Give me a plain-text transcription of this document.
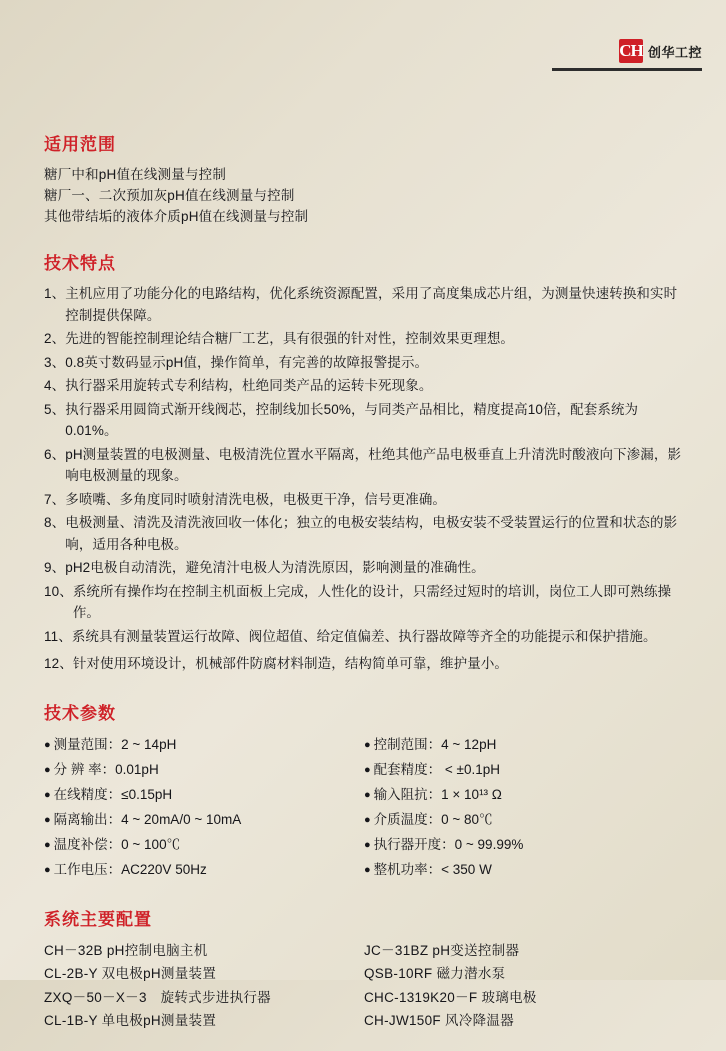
CH 创华工控
适用范围
糖厂中和pH值在线测量与控制
糖厂一、二次预加灰pH值在线测量与控制
其他带结垢的液体介质pH值在线测量与控制
技术特点
1、 主机应用了功能分化的电路结构，优化系统资源配置，采用了高度集成芯片组，为测量快速转换和实时控制提供保障。
2、 先进的智能控制理论结合糖厂工艺，具有很强的针对性，控制效果更理想。
3、 0.8英寸数码显示pH值，操作简单，有完善的故障报警提示。
4、 执行器采用旋转式专利结构，杜绝同类产品的运转卡死现象。
5、 执行器采用圆筒式渐开线阀芯，控制线加长50%，与同类产品相比，精度提高10倍，配套系统为0.01%。
6、 pH测量装置的电极测量、电极清洗位置水平隔离，杜绝其他产品电极垂直上升清洗时酸液向下渗漏，影响电极测量的现象。
7、 多喷嘴、多角度同时喷射清洗电极，电极更干净，信号更准确。
8、 电极测量、清洗及清洗液回收一体化；独立的电极安装结构，电极安装不受装置运行的位置和状态的影响，适用各种电极。
9、 pH2电极自动清洗，避免清汁电极人为清洗原因，影响测量的准确性。
10、 系统所有操作均在控制主机面板上完成，人性化的设计，只需经过短时的培训，岗位工人即可熟练操作。
11、 系统具有测量装置运行故障、阀位超值、给定值偏差、执行器故障等齐全的功能提示和保护措施。
12、 针对使用环境设计，机械部件防腐材料制造，结构简单可靠，维护量小。
技术参数
● 测量范围：2 ~ 14pH
● 分 辨 率：0.01pH
● 在线精度：≤0.15pH
● 隔离输出：4 ~ 20mA/0 ~ 10mA
● 温度补偿：0 ~ 100℃
● 工作电压：AC220V 50Hz
● 控制范围：4 ~ 12pH
● 配套精度： < ±0.1pH
● 输入阻抗：1 × 10¹³ Ω
● 介质温度：0 ~ 80℃
● 执行器开度：0 ~ 99.99%
● 整机功率：< 350 W
系统主要配置
CH－32B pH控制电脑主机
CL-2B-Y 双电极pH测量装置
ZXQ－50－X－3　旋转式步进执行器
CL-1B-Y 单电极pH测量装置
JC－31BZ pH变送控制器
QSB-10RF 磁力潜水泵
CHC-1319K20－F 玻璃电极
CH-JW150F 风冷降温器
